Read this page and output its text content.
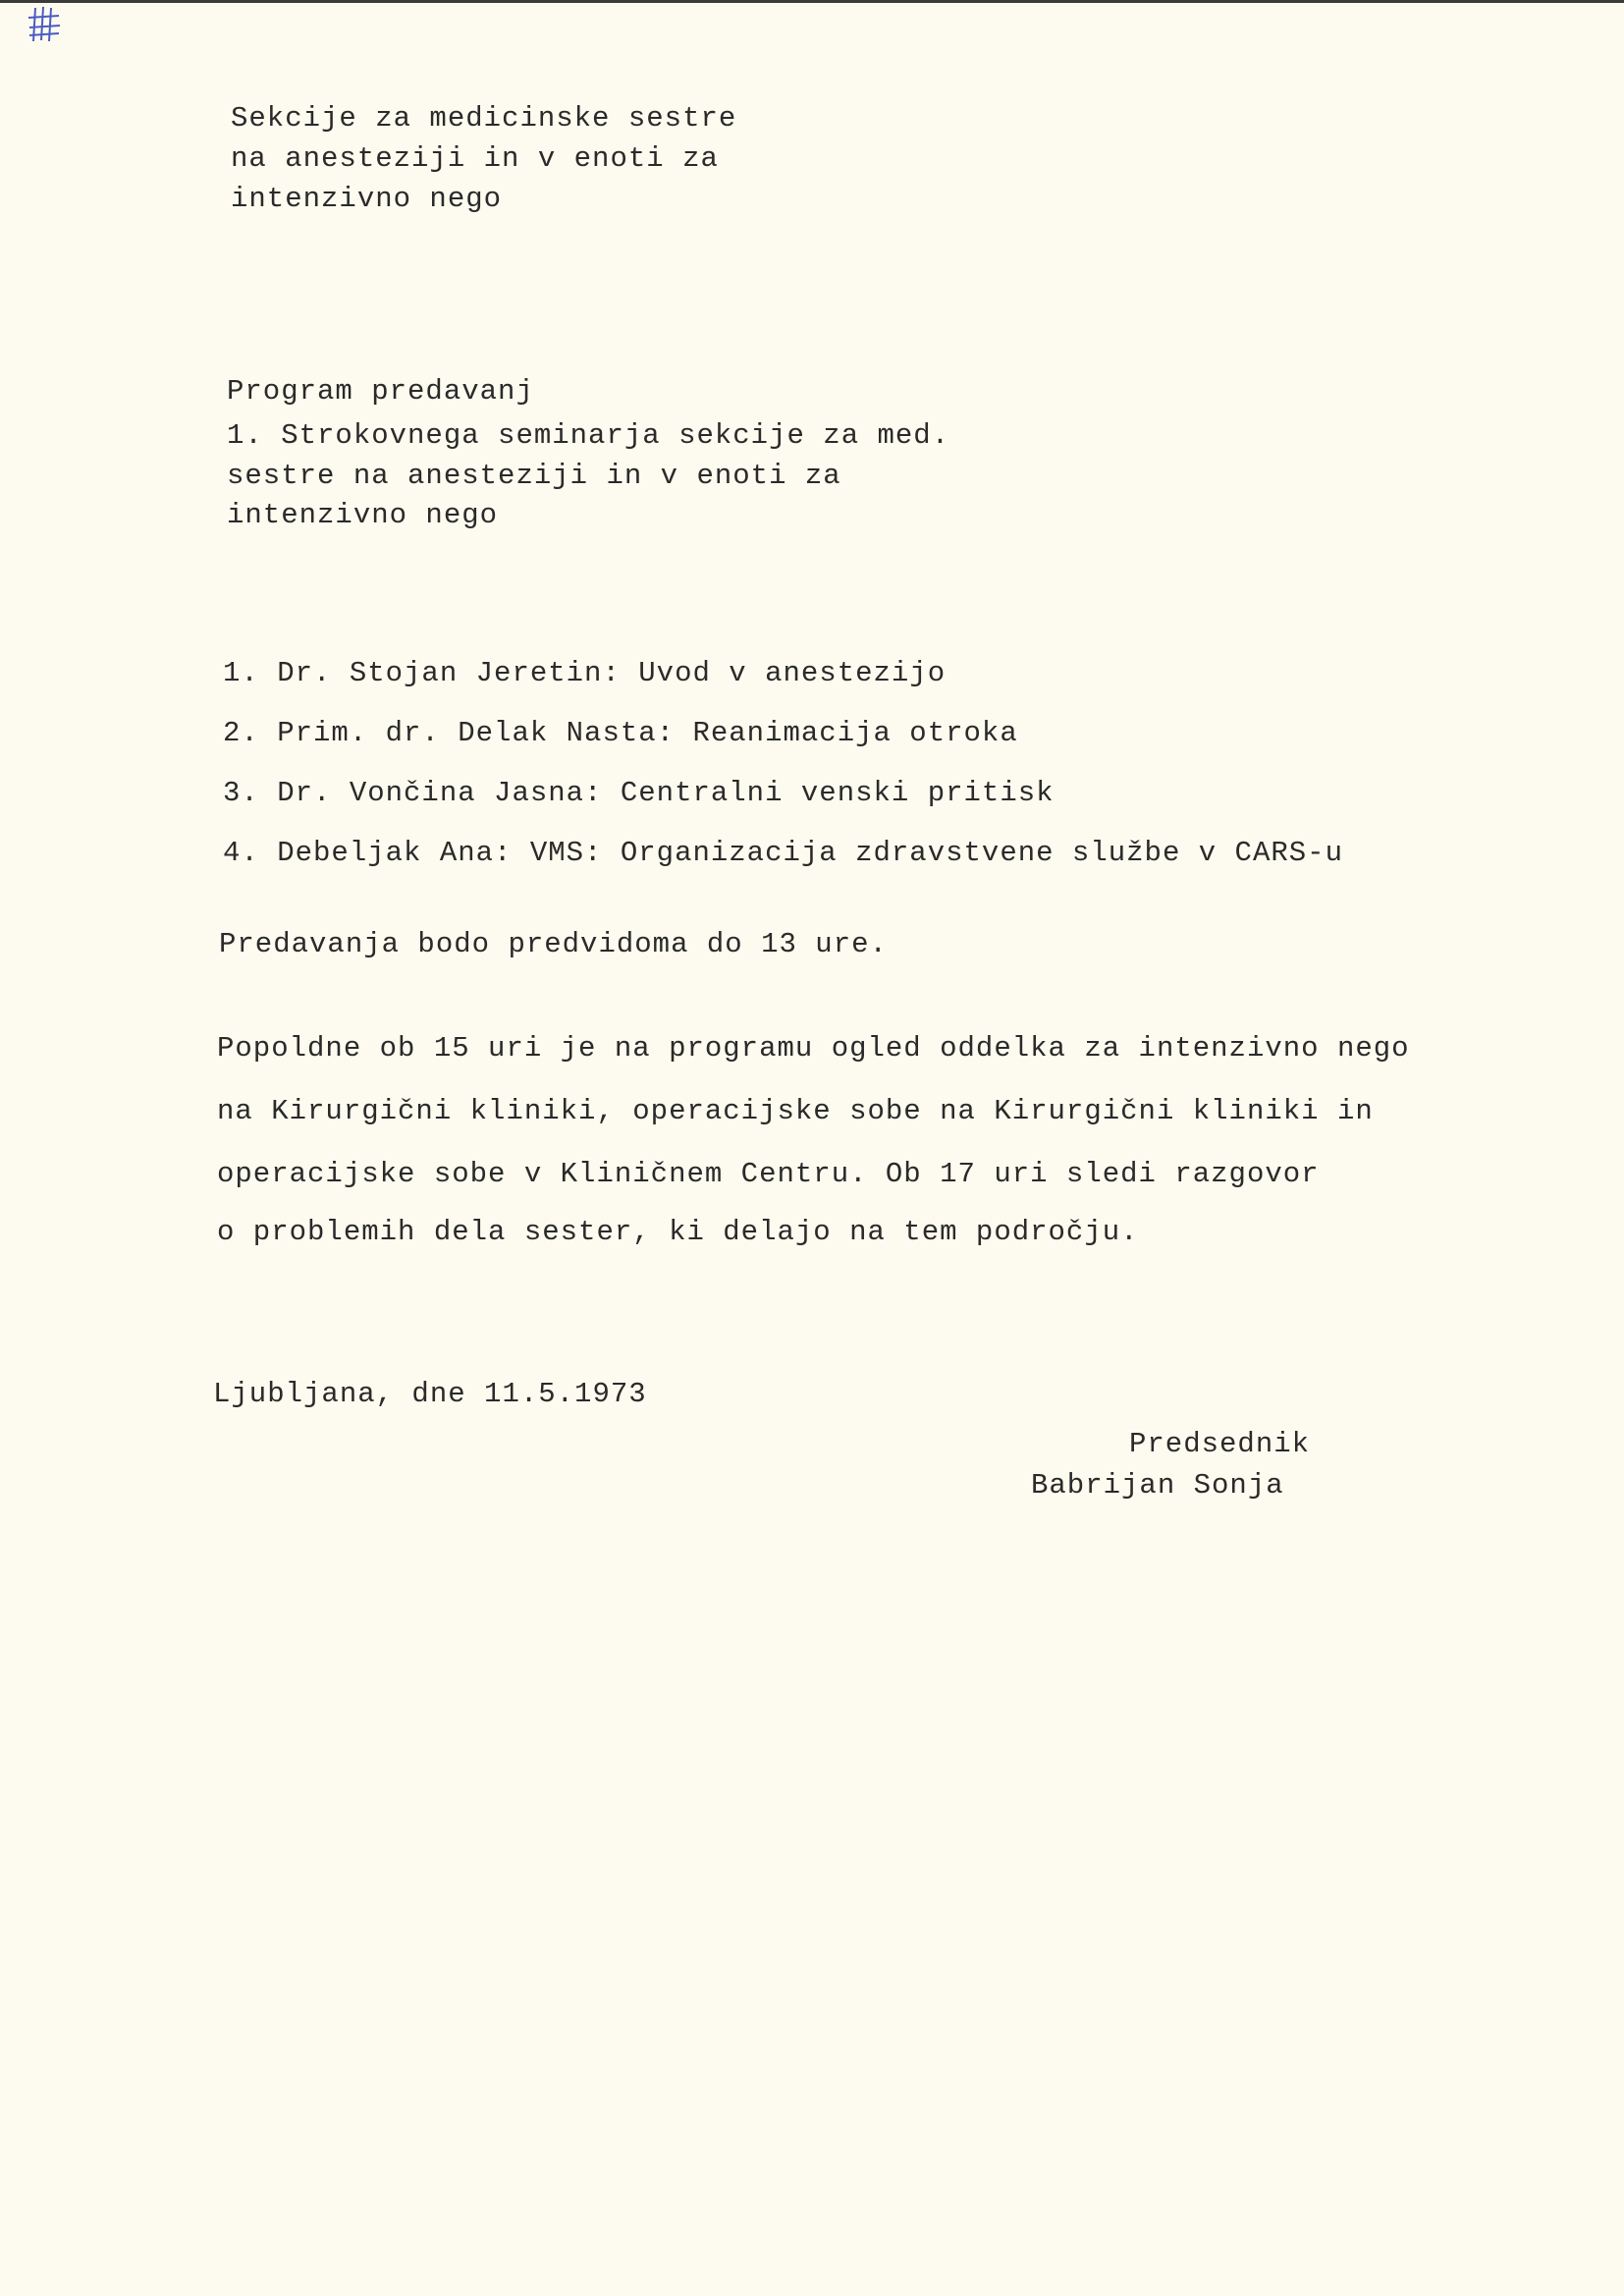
Sekcije za medicinske sestre
na anesteziji in v enoti za
intenzivno nego
Program predavanj
1. Strokovnega seminarja sekcije za med.
sestre na anesteziji in v enoti za
intenzivno nego
1. Dr. Stojan Jeretin: Uvod v anestezijo
2. Prim. dr. Delak Nasta: Reanimacija otroka
3. Dr. Vončina Jasna: Centralni venski pritisk
4. Debeljak Ana: VMS: Organizacija zdravstvene službe v CARS-u
Predavanja bodo predvidoma do 13 ure.
Popoldne ob 15 uri je na programu ogled oddelka za intenzivno nego
na Kirurgični kliniki, operacijske sobe na Kirurgični kliniki in
operacijske sobe v Kliničnem Centru. Ob 17 uri sledi razgovor
o problemih dela sester, ki delajo na tem področju.
Ljubljana, dne 11.5.1973
Predsednik
Babrijan Sonja
